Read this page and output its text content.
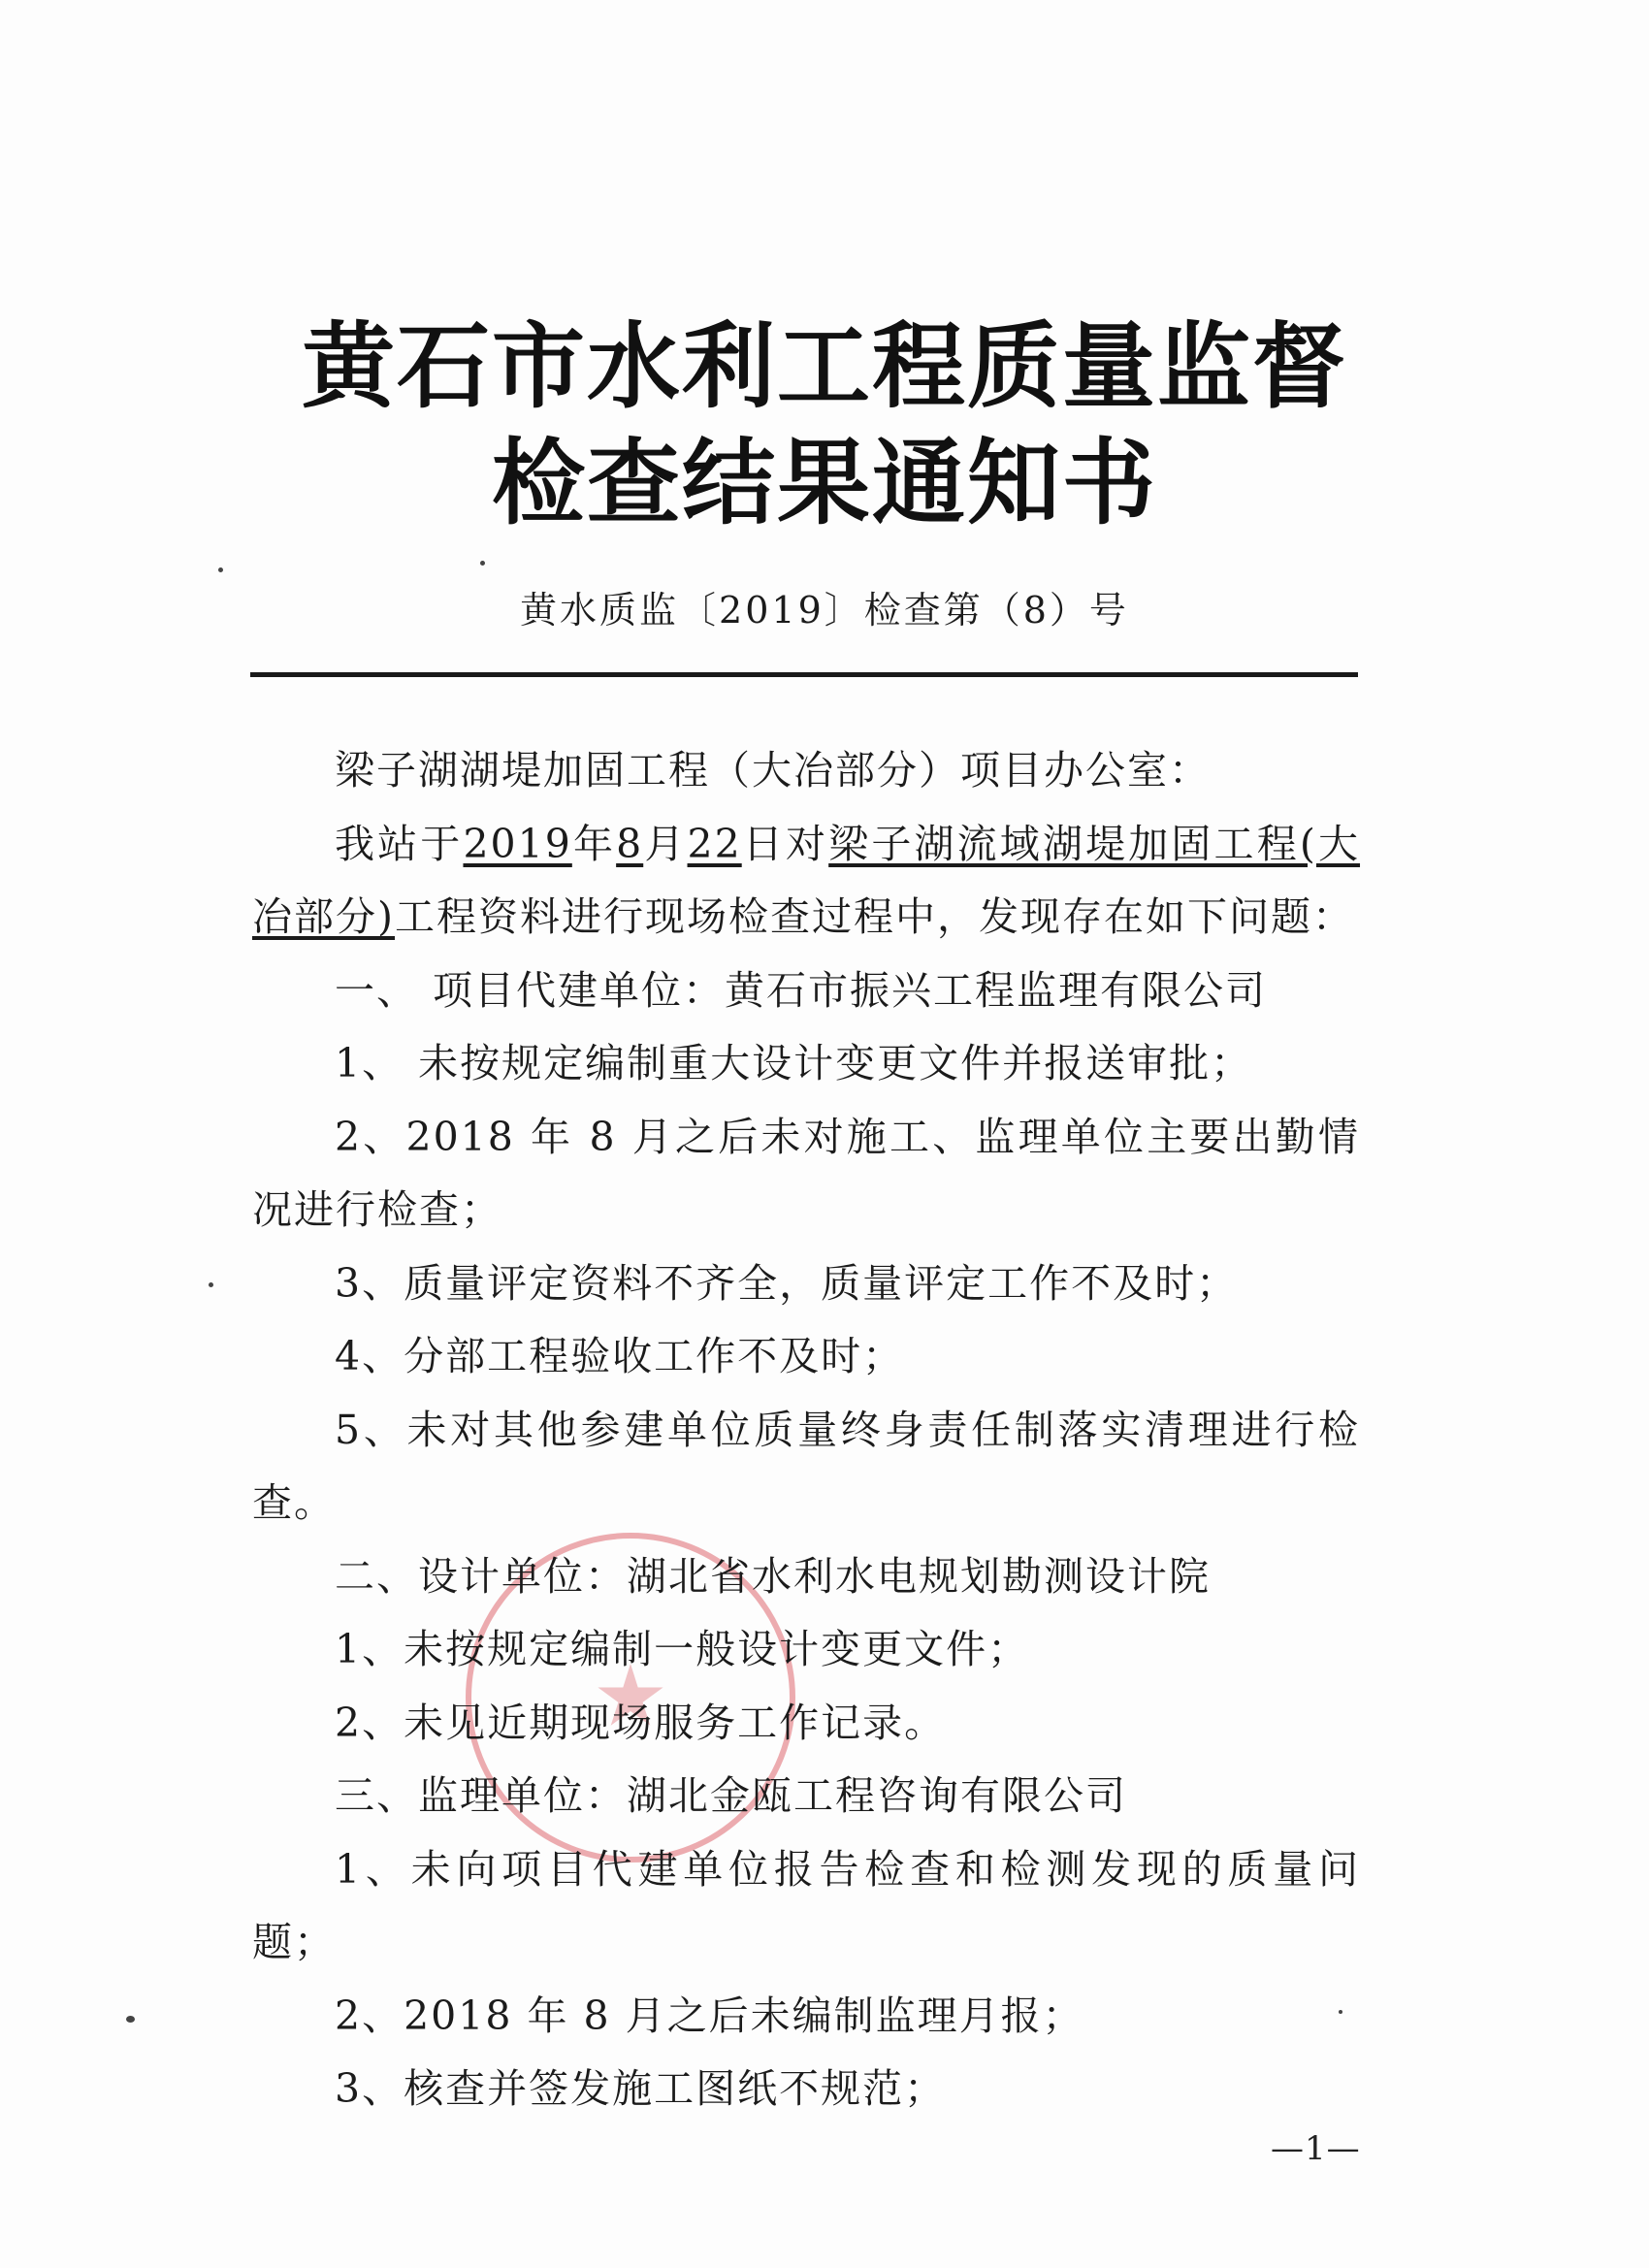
黄石市水利工程质量监督
检查结果通知书
黄水质监〔2019〕检查第（8）号

梁子湖湖堤加固工程（大冶部分）项目办公室：

我站于2019年8月22日对梁子湖流域湖堤加固工程(大冶部分)工程资料进行现场检查过程中，发现存在如下问题：

一、 项目代建单位：黄石市振兴工程监理有限公司

1、 未按规定编制重大设计变更文件并报送审批；

2、2018 年 8 月之后未对施工、监理单位主要出勤情况进行检查；

3、质量评定资料不齐全，质量评定工作不及时；

4、分部工程验收工作不及时；

5、未对其他参建单位质量终身责任制落实清理进行检查。

二、设计单位：湖北省水利水电规划勘测设计院

1、未按规定编制一般设计变更文件；

2、未见近期现场服务工作记录。

三、监理单位：湖北金瓯工程咨询有限公司

1、未向项目代建单位报告检查和检测发现的质量问题；

2、2018 年 8 月之后未编制监理月报；

3、核查并签发施工图纸不规范；

—1—
